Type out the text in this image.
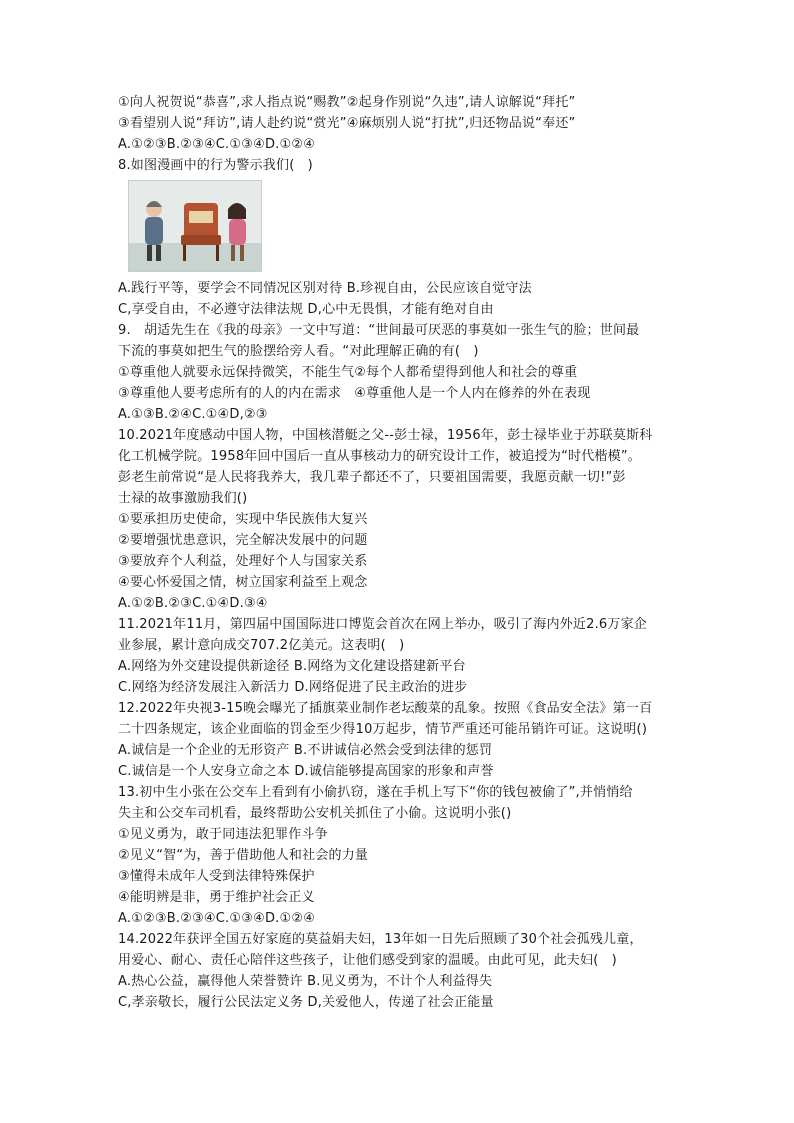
①向人祝贺说“恭喜”,求人指点说“赐教”②起身作别说“久违”,请人谅解说“拜托”
③看望别人说“拜访”,请人赴约说“赏光”④麻烦别人说“打扰”,归还物品说“奉还”
A.①②③B.②③④C.①③④D.①②④
8.如图漫画中的行为警示我们(　)
A.践行平等，要学会不同情况区别对待 B.珍视自由，公民应该自觉守法
C,享受自由，不必遵守法律法规 D,心中无畏惧，才能有绝对自由
9.　胡适先生在《我的母亲》一文中写道：“世间最可厌恶的事莫如一张生气的脸；世间最
下流的事莫如把生气的脸摆给旁人看。“对此理解正确的有(　)
①尊重他人就要永远保持微笑，不能生气②每个人都希望得到他人和社会的尊重
③尊重他人要考虑所有的人的内在需求　④尊重他人是一个人内在修养的外在表现
A.①③B.②④C.①④D,②③
10.2021年度感动中国人物，中国核潜艇之父--彭士禄，1956年，彭士禄毕业于苏联莫斯科
化工机械学院。1958年回中国后一直从事核动力的研究设计工作，被追授为“时代楷模”。
彭老生前常说“是人民将我养大，我几辈子都还不了，只要祖国需要，我愿贡献一切!”彭
士禄的故事激励我们()
①要承担历史使命，实现中华民族伟大复兴
②要增强忧患意识，完全解决发展中的问题
③要放弃个人利益，处理好个人与国家关系
④要心怀爱国之情，树立国家利益至上观念
A.①②B.②③C.①④D.③④
11.2021年11月，第四届中国国际进口博览会首次在网上举办，吸引了海内外近2.6万家企
业参展，累计意向成交707.2亿美元。这表明(　)
A.网络为外交建设提供新途径 B.网络为文化建设搭建新平台
C.网络为经济发展注入新活力 D.网络促进了民主政治的进步
12.2022年央视3-15晚会曝光了插旗菜业制作老坛酸菜的乱象。按照《食品安全法》第一百
二十四条规定，该企业面临的罚金至少得10万起步，情节严重还可能吊销许可证。这说明()
A.诚信是一个企业的无形资产 B.不讲诚信必然会受到法律的惩罚
C.诚信是一个人安身立命之本 D.诚信能够提高国家的形象和声誉
13.初中生小张在公交车上看到有小偷扒窃，遂在手机上写下“你的钱包被偷了”,并悄悄给
失主和公交车司机看，最终帮助公安机关抓住了小偷。这说明小张()
①见义勇为，敢于同违法犯罪作斗争
②见义“智“为，善于借助他人和社会的力量
③懂得未成年人受到法律特殊保护
④能明辨是非，勇于维护社会正义
A.①②③B.②③④C.①③④D.①②④
14.2022年获评全国五好家庭的莫益娟夫妇，13年如一日先后照顾了30个社会孤残儿童，
用爱心、耐心、责任心陪伴这些孩子，让他们感受到家的温暖。由此可见，此夫妇(　)
A.热心公益，赢得他人荣誉赞许 B.见义勇为，不计个人利益得失
C,孝亲敬长，履行公民法定义务 D,关爱他人，传递了社会正能量
